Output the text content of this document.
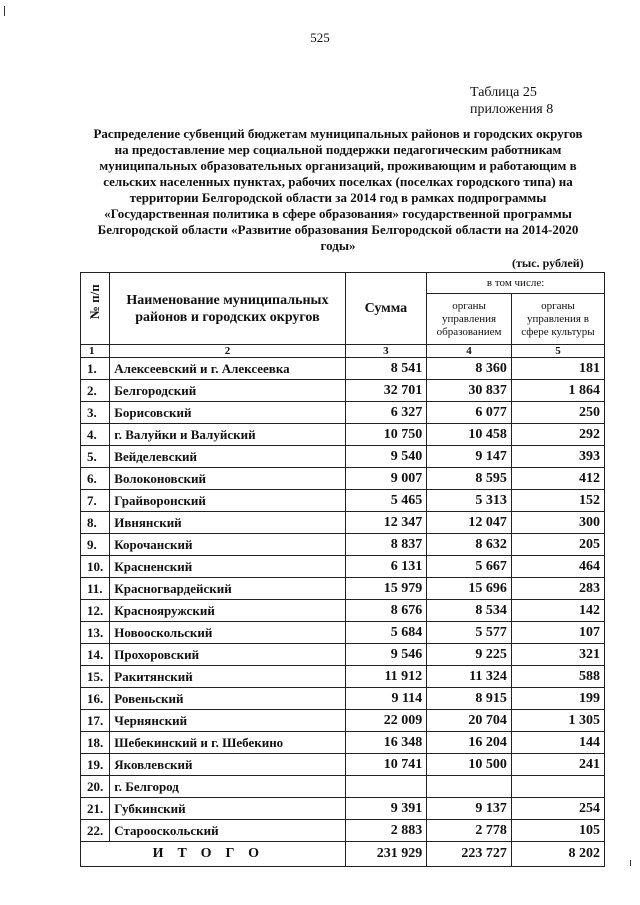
525
Таблица 25
приложения 8
Распределение субвенций бюджетам муниципальных районов и городских округов на предоставление мер социальной поддержки педагогическим работникам муниципальных образовательных организаций, проживающим и работающим в сельских населенных пунктах, рабочих поселках (поселках городского типа) на территории Белгородской области за 2014 год в рамках подпрограммы «Государственная политика в сфере образования» государственной программы Белгородской области «Развитие образования Белгородской области на 2014-2020 годы»
(тыс. рублей)
№ п/п	Наименование муниципальных районов и городских округов	Сумма	в том числе:	
			органы управления образованием	органы управления в сфере культуры
1	2	3	4	5
1.	Алексеевский и г. Алексеевка	8 541	8 360	181
2.	Белгородский	32 701	30 837	1 864
3.	Борисовский	6 327	6 077	250
4.	г. Валуйки и Валуйский	10 750	10 458	292
5.	Вейделевский	9 540	9 147	393
6.	Волоконовский	9 007	8 595	412
7.	Грайворонский	5 465	5 313	152
8.	Ивнянский	12 347	12 047	300
9.	Корочанский	8 837	8 632	205
10.	Красненский	6 131	5 667	464
11.	Красногвардейский	15 979	15 696	283
12.	Краснояружский	8 676	8 534	142
13.	Новооскольский	5 684	5 577	107
14.	Прохоровский	9 546	9 225	321
15.	Ракитянский	11 912	11 324	588
16.	Ровеньский	9 114	8 915	199
17.	Чернянский	22 009	20 704	1 305
18.	Шебекинский и г. Шебекино	16 348	16 204	144
19.	Яковлевский	10 741	10 500	241
20.	г. Белгород			
21.	Губкинский	9 391	9 137	254
22.	Старооскольский	2 883	2 778	105
ИТОГО		231 929	223 727	8 202
